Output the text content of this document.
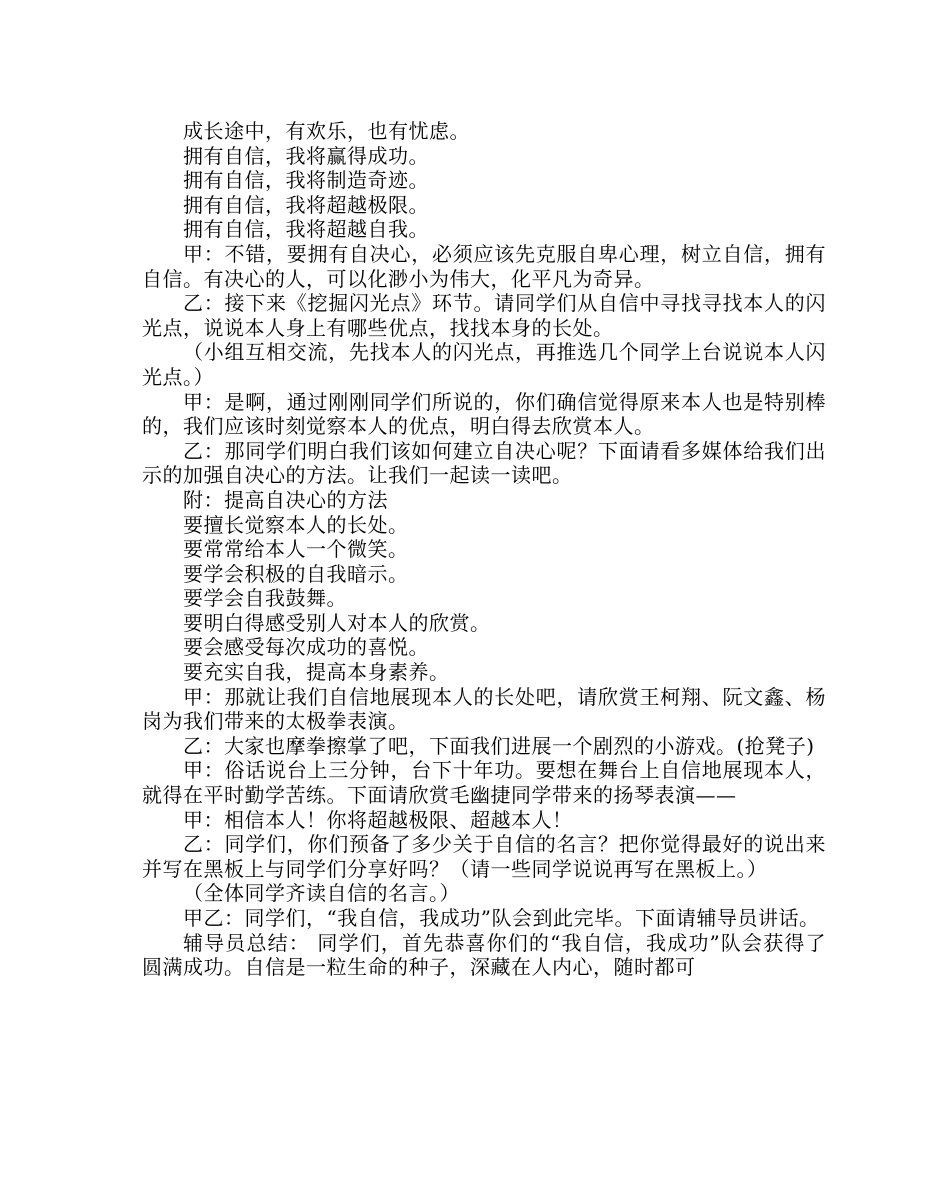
成长途中，有欢乐，也有忧虑。

拥有自信，我将赢得成功。

拥有自信，我将制造奇迹。

拥有自信，我将超越极限。

拥有自信，我将超越自我。

甲：不错，要拥有自决心，必须应该先克服自卑心理，树立自信，拥有自信。有决心的人，可以化渺小为伟大，化平凡为奇异。

乙：接下来《挖掘闪光点》环节。请同学们从自信中寻找寻找本人的闪光点，说说本人身上有哪些优点，找找本身的长处。

（小组互相交流，先找本人的闪光点，再推选几个同学上台说说本人闪光点。）

甲：是啊，通过刚刚同学们所说的，你们确信觉得原来本人也是特别棒的，我们应该时刻觉察本人的优点，明白得去欣赏本人。

乙：那同学们明白我们该如何建立自决心呢？下面请看多媒体给我们出示的加强自决心的方法。让我们一起读一读吧。

附：提高自决心的方法

要擅长觉察本人的长处。

要常常给本人一个微笑。

要学会积极的自我暗示。

要学会自我鼓舞。

要明白得感受别人对本人的欣赏。

要会感受每次成功的喜悦。

要充实自我，提高本身素养。

甲：那就让我们自信地展现本人的长处吧，请欣赏王柯翔、阮文鑫、杨岗为我们带来的太极拳表演。

乙：大家也摩拳擦掌了吧，下面我们进展一个剧烈的小游戏。(抢凳子)

甲：俗话说台上三分钟，台下十年功。要想在舞台上自信地展现本人，就得在平时勤学苦练。下面请欣赏毛幽捷同学带来的扬琴表演——

甲：相信本人！你将超越极限、超越本人！

乙：同学们，你们预备了多少关于自信的名言？把你觉得最好的说出来并写在黑板上与同学们分享好吗？（请一些同学说说再写在黑板上。）

（全体同学齐读自信的名言。）

甲乙：同学们，“我自信，我成功”队会到此完毕。下面请辅导员讲话。

辅导员总结： 同学们，首先恭喜你们的“我自信，我成功”队会获得了圆满成功。自信是一粒生命的种子，深藏在人内心，随时都可
